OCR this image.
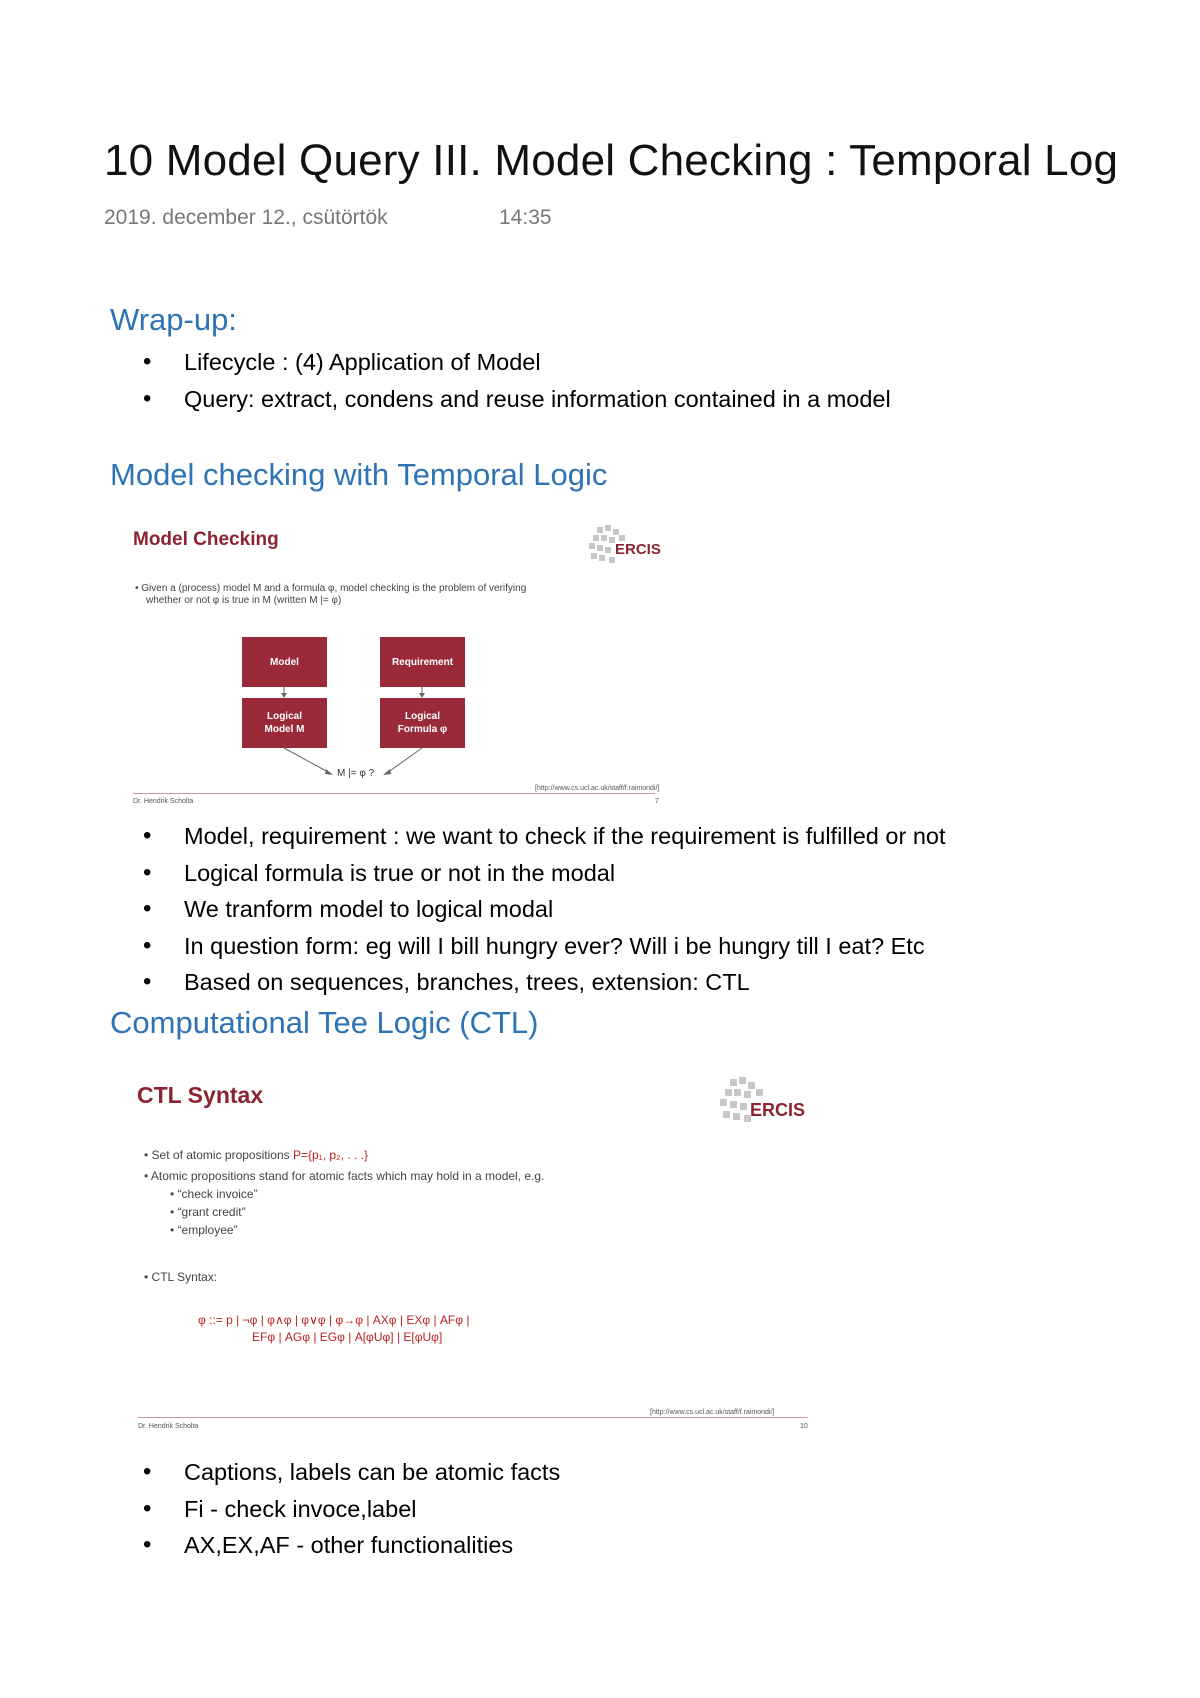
10 Model Query III. Model Checking : Temporal Log
2019. december 12., csütörtök	14:35
Wrap-up:
• Lifecycle : (4) Application of Model
• Query: extract, condens and reuse information contained in a model
Model checking with Temporal Logic
Model Checking	ERCIS
• Given a (process) model M and a formula φ, model checking is the problem of verifying
whether or not φ is true in M (written M |= φ)
Model	Requirement
Logical
Model M
Logical
Formula φ
M |= φ ?
[http://www.cs.ucl.ac.uk/staff/f.raimondi/]
Dr. Hendrik Scholta	7
• Model, requirement : we want to check if the requirement is fulfilled or not
• Logical formula is true or not in the modal
• We tranform model to logical modal
• In question form: eg will I bill hungry ever? Will i be hungry till I eat? Etc
• Based on sequences, branches, trees, extension: CTL
Computational Tee Logic (CTL)
CTL Syntax
ERCIS
• Set of atomic propositions P={p₁, p₂, . . .}
• Atomic propositions stand for atomic facts which may hold in a model, e.g.
• “check invoice”
• “grant credit”
• “employee”
• CTL Syntax:
φ ::= p | ¬φ | φ∧φ | φ∨φ | φ→φ | AXφ | EXφ | AFφ |
EFφ | AGφ | EGφ | A[φUφ] | E[φUφ]
[http://www.cs.ucl.ac.uk/staff/f.raimondi/]
Dr. Hendrik Scholta	10
• Captions, labels can be atomic facts
• Fi - check invoce,label
• AX,EX,AF - other functionalities
